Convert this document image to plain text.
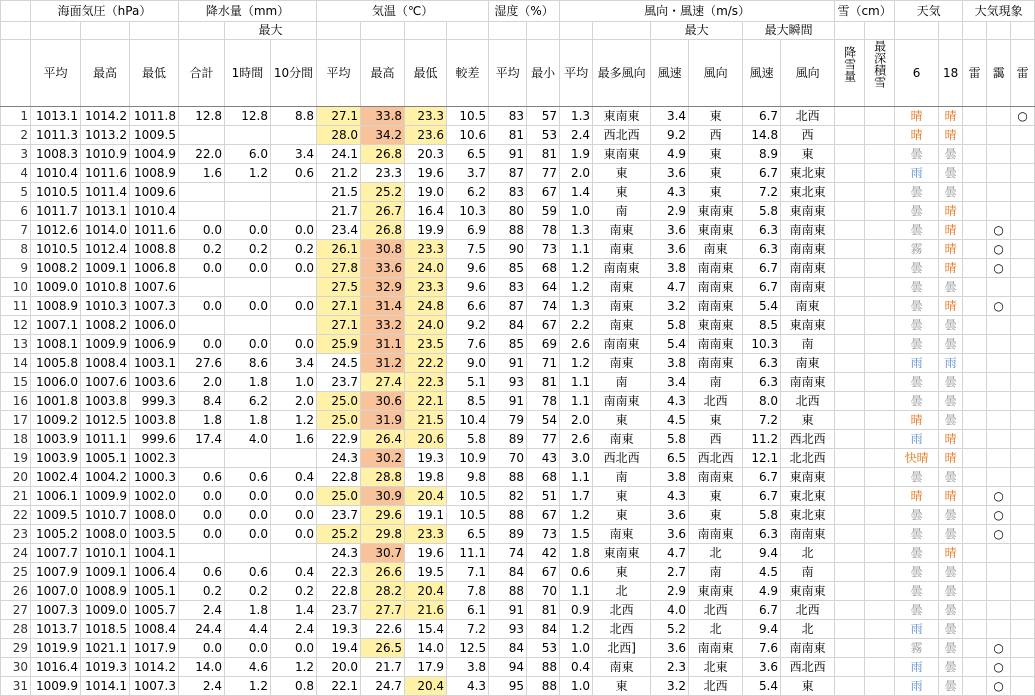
	海面気圧（hPa）			降水量（mm）			気温（℃）				湿度（%）		風向・風速（m/s）						雪（cm）		天気		大気現象		
					最大										最大		最大瞬間								
	平均	最高	最低	合計	1時間	10分間	平均	最高	最低	較差	平均	最小	平均	最多風向	風速	風向	風速	風向	降雪量	最深積雪	6	18	雷	靄	雷
1	1013.1	1014.2	1011.8	12.8	12.8	8.8	27.1	33.8	23.3	10.5	83	57	1.3	東南東	3.4	東	6.7	北西			晴	晴			○
2	1011.3	1013.2	1009.5				28.0	34.2	23.6	10.6	81	53	2.4	西北西	9.2	西	14.8	西			晴	晴			
3	1008.3	1010.9	1004.9	22.0	6.0	3.4	24.1	26.8	20.3	6.5	91	81	1.9	東南東	4.9	東	8.9	東			曇	曇			
4	1010.4	1011.6	1008.9	1.6	1.2	0.6	21.2	23.3	19.6	3.7	87	77	2.0	東	3.6	東	6.7	東北東			雨	曇			
5	1010.5	1011.4	1009.6				21.5	25.2	19.0	6.2	83	67	1.4	東	4.3	東	7.2	東北東			曇	曇			
6	1011.7	1013.1	1010.4				21.7	26.7	16.4	10.3	80	59	1.0	南	2.9	東南東	5.8	東南東			曇	晴			
7	1012.6	1014.0	1011.6	0.0	0.0	0.0	23.4	26.8	19.9	6.9	88	78	1.3	南東	3.6	東南東	6.3	南南東			曇	晴		○	
8	1010.5	1012.4	1008.8	0.2	0.2	0.2	26.1	30.8	23.3	7.5	90	73	1.1	南東	3.6	南東	6.3	南南東			霧	晴		○	
9	1008.2	1009.1	1006.8	0.0	0.0	0.0	27.8	33.6	24.0	9.6	85	68	1.2	南南東	3.8	南南東	6.7	南南東			曇	晴		○	
10	1009.0	1010.8	1007.6				27.5	32.9	23.3	9.6	83	64	1.2	南東	4.7	南南東	6.7	南南東			曇	曇			
11	1008.9	1010.3	1007.3	0.0	0.0	0.0	27.1	31.4	24.8	6.6	87	74	1.3	南東	3.2	南南東	5.4	南東			曇	晴		○	
12	1007.1	1008.2	1006.0				27.1	33.2	24.0	9.2	84	67	2.2	南東	5.8	東南東	8.5	東南東			曇	曇			
13	1008.1	1009.9	1006.9	0.0	0.0	0.0	25.9	31.1	23.5	7.6	85	69	2.6	南南東	5.4	南南東	10.3	南			曇	曇			
14	1005.8	1008.4	1003.1	27.6	8.6	3.4	24.5	31.2	22.2	9.0	91	71	1.2	南東	3.8	南南東	6.3	南東			雨	雨			
15	1006.0	1007.6	1003.6	2.0	1.8	1.0	23.7	27.4	22.3	5.1	93	81	1.1	南	3.4	南	6.3	南南東			曇	曇			
16	1001.8	1003.8	999.3	8.4	6.2	2.0	25.0	30.6	22.1	8.5	91	78	1.1	南南東	4.3	北西	8.0	北西			曇	曇			
17	1009.2	1012.5	1003.8	1.8	1.8	1.2	25.0	31.9	21.5	10.4	79	54	2.0	東	4.5	東	7.2	東			晴	曇			
18	1003.9	1011.1	999.6	17.4	4.0	1.6	22.9	26.4	20.6	5.8	89	77	2.6	南東	5.8	西	11.2	西北西			雨	晴			
19	1003.9	1005.1	1002.3				24.3	30.2	19.3	10.9	70	43	3.0	西北西	6.5	西北西	12.1	北北西			快晴	晴			
20	1002.4	1004.2	1000.3	0.6	0.6	0.4	22.8	28.8	19.8	9.8	88	68	1.1	南	3.8	南南東	6.7	東南東			曇	曇			
21	1006.1	1009.9	1002.0	0.0	0.0	0.0	25.0	30.9	20.4	10.5	82	51	1.7	東	4.3	東	6.7	東北東			晴	晴		○	
22	1009.5	1010.7	1008.0	0.0	0.0	0.0	23.7	29.6	19.1	10.5	88	67	1.2	東	3.6	東	5.8	東北東			曇	曇		○	
23	1005.2	1008.0	1003.5	0.0	0.0	0.0	25.2	29.8	23.3	6.5	89	73	1.5	南東	3.6	南南東	6.3	南南東			曇	曇		○	
24	1007.7	1010.1	1004.1				24.3	30.7	19.6	11.1	74	42	1.8	東南東	4.7	北	9.4	北			曇	晴			
25	1007.9	1009.1	1006.4	0.6	0.6	0.4	22.3	26.6	19.5	7.1	84	67	0.6	東	2.7	南	4.5	南			曇	曇			
26	1007.0	1008.9	1005.1	0.2	0.2	0.2	22.8	28.2	20.4	7.8	88	70	1.1	北	2.9	東南東	4.9	東南東			曇	曇			
27	1007.3	1009.0	1005.7	2.4	1.8	1.4	23.7	27.7	21.6	6.1	91	81	0.9	北西	4.0	北西	6.7	北西			曇	曇			
28	1013.7	1018.5	1008.4	24.4	4.4	2.4	19.3	22.6	15.4	7.2	93	84	1.2	北西	5.2	北	9.4	北			雨	曇			
29	1019.9	1021.1	1017.9	0.0	0.0	0.0	19.4	26.5	14.0	12.5	84	53	1.0	北西]	3.6	南南東	7.6	南南東			霧	曇		○	
30	1016.4	1019.3	1014.2	14.0	4.6	1.2	20.0	21.7	17.9	3.8	94	88	0.4	南東	2.3	北東	3.6	西北西			雨	曇		○	
31	1009.9	1014.1	1007.3	2.4	1.2	0.8	22.1	24.7	20.4	4.3	95	88	1.0	東	3.2	北西	5.4	東			雨	曇		○	
